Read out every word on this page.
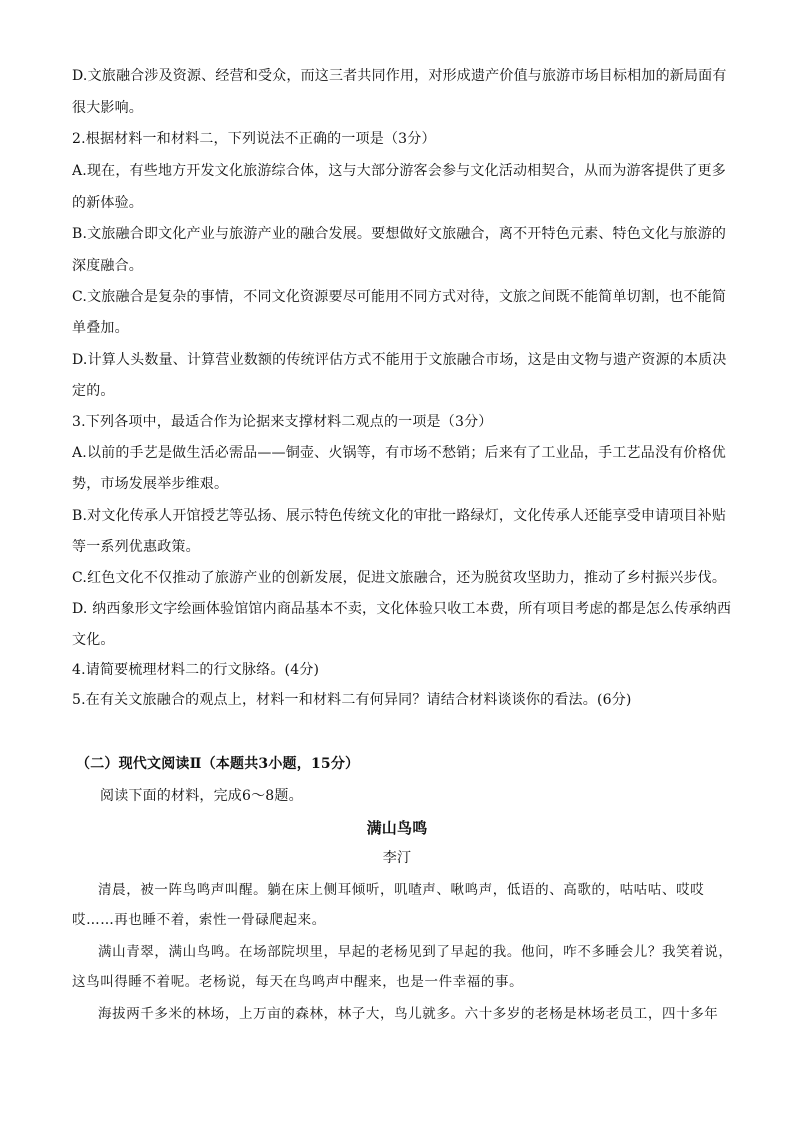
D.文旅融合涉及资源、经营和受众，而这三者共同作用，对形成遗产价值与旅游市场目标相加的新局面有
很大影响。
2.根据材料一和材料二，下列说法不正确的一项是（3分）
A.现在，有些地方开发文化旅游综合体，这与大部分游客会参与文化活动相契合，从而为游客提供了更多
的新体验。
B.文旅融合即文化产业与旅游产业的融合发展。要想做好文旅融合，离不开特色元素、特色文化与旅游的
深度融合。
C.文旅融合是复杂的事情，不同文化资源要尽可能用不同方式对待，文旅之间既不能简单切割，也不能简
单叠加。
D.计算人头数量、计算营业数额的传统评估方式不能用于文旅融合市场，这是由文物与遗产资源的本质决
定的。
3.下列各项中，最适合作为论据来支撑材料二观点的一项是（3分）
A.以前的手艺是做生活必需品——铜壶、火锅等，有市场不愁销；后来有了工业品，手工艺品没有价格优
势，市场发展举步维艰。
B.对文化传承人开馆授艺等弘扬、展示特色传统文化的审批一路绿灯，文化传承人还能享受申请项目补贴
等一系列优惠政策。
C.红色文化不仅推动了旅游产业的创新发展，促进文旅融合，还为脱贫攻坚助力，推动了乡村振兴步伐。
D. 纳西象形文字绘画体验馆馆内商品基本不卖，文化体验只收工本费，所有项目考虑的都是怎么传承纳西
文化。
4.请简要梳理材料二的行文脉络。(4分)
5.在有关文旅融合的观点上，材料一和材料二有何异同？请结合材料谈谈你的看法。(6分)
（二）现代文阅读Ⅱ（本题共3小题，15分）
阅读下面的材料，完成6～8题。
满山鸟鸣
李汀
清晨，被一阵鸟鸣声叫醒。躺在床上侧耳倾听，叽喳声、啾鸣声，低语的、高歌的，咕咕咕、哎哎
哎……再也睡不着，索性一骨碌爬起来。
满山青翠，满山鸟鸣。在场部院坝里，早起的老杨见到了早起的我。他问，咋不多睡会儿？我笑着说，
这鸟叫得睡不着呢。老杨说，每天在鸟鸣声中醒来，也是一件幸福的事。
海拔两千多米的林场，上万亩的森林，林子大，鸟儿就多。六十多岁的老杨是林场老员工，四十多年
